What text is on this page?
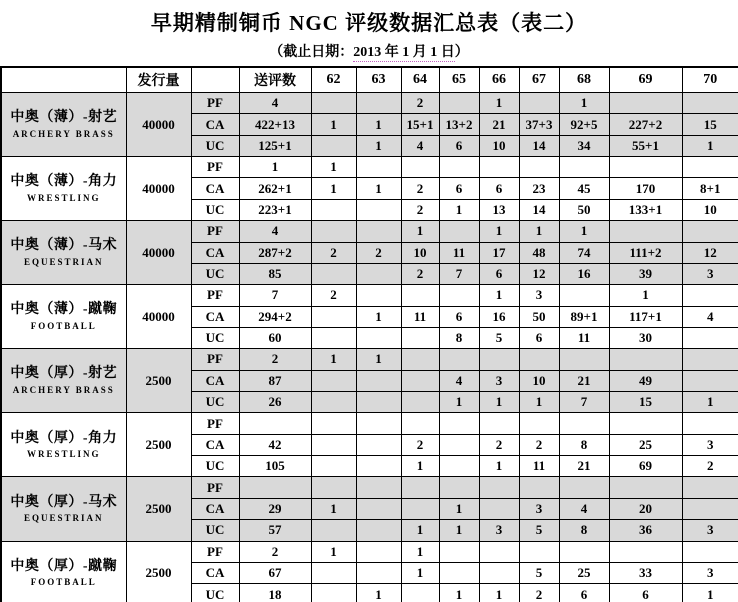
早期精制铜币 NGC 评级数据汇总表（表二）
（截止日期：2013 年 1 月 1 日）
	发行量		送评数	62	63	64	65	66	67	68	69	70

中奥（薄）-射艺
ARCHERY BRASS	40000	PF	4			2		1		1		
		CA	422+13	1	1	15+1	13+2	21	37+3	92+5	227+2	15
		UC	125+1		1	4	6	10	14	34	55+1	1

中奥（薄）-角力
WRESTLING	40000	PF	1	1								
		CA	262+1	1	1	2	6	6	23	45	170	8+1
		UC	223+1			2	1	13	14	50	133+1	10

中奥（薄）-马术
EQUESTRIAN	40000	PF	4			1		1	1	1		
		CA	287+2	2	2	10	11	17	48	74	111+2	12
		UC	85			2	7	6	12	16	39	3

中奥（薄）-蹴鞠
FOOTBALL	40000	PF	7	2				1	3		1	
		CA	294+2		1	11	6	16	50	89+1	117+1	4
		UC	60				8	5	6	11	30	

中奥（厚）-射艺
ARCHERY BRASS	2500	PF	2	1	1							
		CA	87				4	3	10	21	49	
		UC	26				1	1	1	7	15	1

中奥（厚）-角力
WRESTLING	2500	PF										
		CA	42			2		2	2	8	25	3
		UC	105			1		1	11	21	69	2

中奥（厚）-马术
EQUESTRIAN	2500	PF										
		CA	29	1			1		3	4	20	
		UC	57			1	1	3	5	8	36	3

中奥（厚）-蹴鞠
FOOTBALL	2500	PF	2	1		1						
		CA	67			1			5	25	33	3
		UC	18		1		1	1	2	6	6	1
